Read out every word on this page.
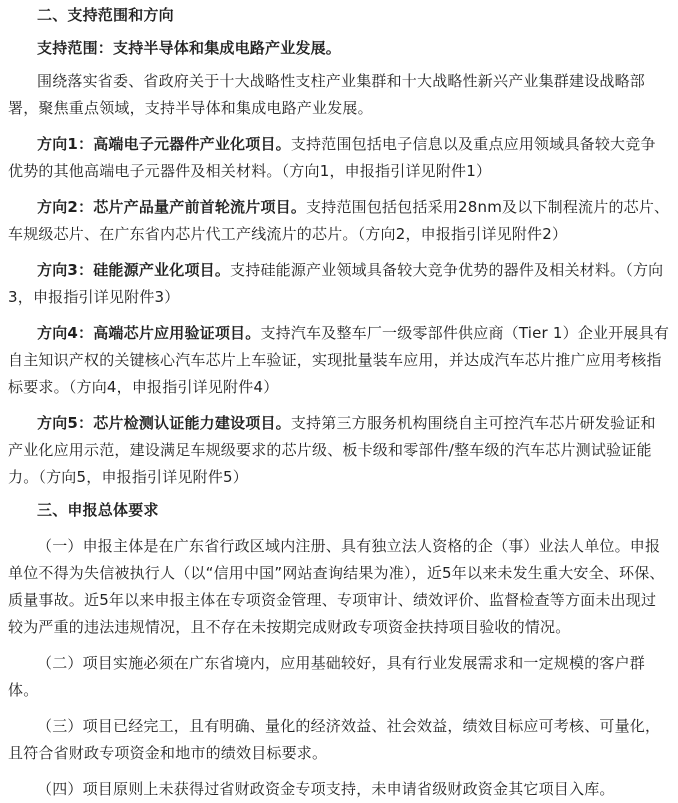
二、支持范围和方向

支持范围：支持半导体和集成电路产业发展。

围绕落实省委、省政府关于十大战略性支柱产业集群和十大战略性新兴产业集群建设战略部署，聚焦重点领域，支持半导体和集成电路产业发展。

方向1：高端电子元器件产业化项目。支持范围包括电子信息以及重点应用领域具备较大竞争优势的其他高端电子元器件及相关材料。（方向1，申报指引详见附件1）

方向2：芯片产品量产前首轮流片项目。支持范围包括包括采用28nm及以下制程流片的芯片、车规级芯片、在广东省内芯片代工产线流片的芯片。（方向2，申报指引详见附件2）

方向3：硅能源产业化项目。支持硅能源产业领域具备较大竞争优势的器件及相关材料。（方向3，申报指引详见附件3）

方向4：高端芯片应用验证项目。支持汽车及整车厂一级零部件供应商（Tier 1）企业开展具有自主知识产权的关键核心汽车芯片上车验证，实现批量装车应用，并达成汽车芯片推广应用考核指标要求。（方向4，申报指引详见附件4）

方向5：芯片检测认证能力建设项目。支持第三方服务机构围绕自主可控汽车芯片研发验证和产业化应用示范，建设满足车规级要求的芯片级、板卡级和零部件/整车级的汽车芯片测试验证能力。（方向5，申报指引详见附件5）

三、申报总体要求

（一）申报主体是在广东省行政区域内注册、具有独立法人资格的企（事）业法人单位。申报单位不得为失信被执行人（以“信用中国”网站查询结果为准），近5年以来未发生重大安全、环保、质量事故。近5年以来申报主体在专项资金管理、专项审计、绩效评价、监督检查等方面未出现过较为严重的违法违规情况，且不存在未按期完成财政专项资金扶持项目验收的情况。

（二）项目实施必须在广东省境内，应用基础较好，具有行业发展需求和一定规模的客户群体。

（三）项目已经完工，且有明确、量化的经济效益、社会效益，绩效目标应可考核、可量化，且符合省财政专项资金和地市的绩效目标要求。

（四）项目原则上未获得过省财政资金专项支持，未申请省级财政资金其它项目入库。
